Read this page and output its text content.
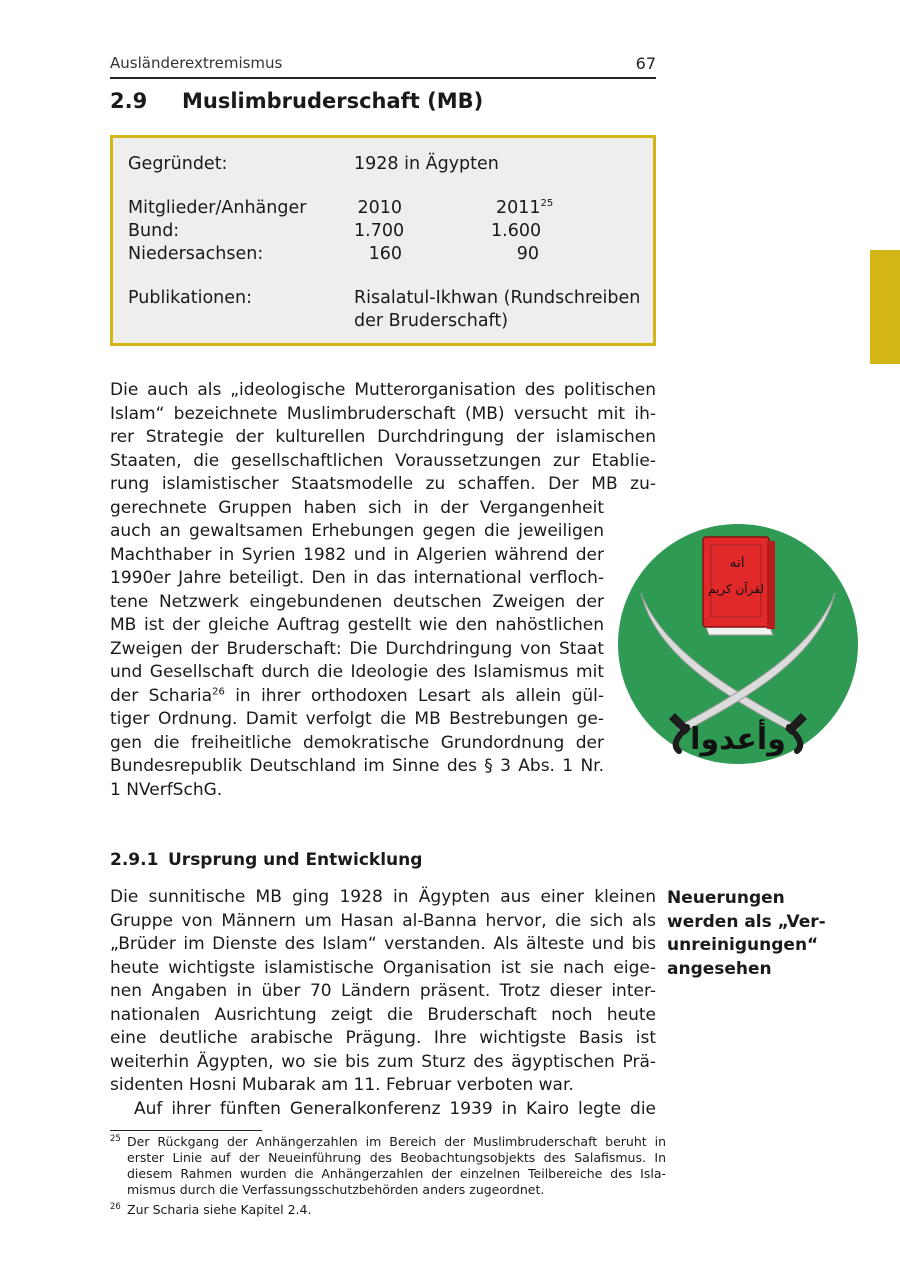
Ausländerextremismus	67
2.9 Muslimbruderschaft (MB)
Gegründet:	1928 in Ägypten
Mitglieder/Anhänger	2010	2011$^{25}$
Bund:	1.700	1.600
Niedersachsen:	160	90
Publikationen:	Risalatul-Ikhwan (Rundschreiben
der Bruderschaft)
Die auch als „ideologische Mutterorganisation des politischen
Islam“ bezeichnete Muslimbruderschaft (MB) versucht mit ih-
rer Strategie der kulturellen Durchdringung der islamischen
Staaten, die gesellschaftlichen Voraussetzungen zur Etablie-
rung islamistischer Staatsmodelle zu schaffen. Der MB zu-
gerechnete Gruppen haben sich in der Vergangenheit
auch an gewaltsamen Erhebungen gegen die jeweiligen
Machthaber in Syrien 1982 und in Algerien während der
1990er Jahre beteiligt. Den in das international verfloch-
tene Netzwerk eingebundenen deutschen Zweigen der
MB ist der gleiche Auftrag gestellt wie den nahöstlichen
Zweigen der Bruderschaft: Die Durchdringung von Staat
und Gesellschaft durch die Ideologie des Islamismus mit
der Scharia$^{26}$ in ihrer orthodoxen Lesart als allein gül-
tiger Ordnung. Damit verfolgt die MB Bestrebungen ge-
gen die freiheitliche demokratische Grundordnung der
Bundesrepublik Deutschland im Sinne des § 3 Abs. 1 Nr.
1 NVerfSchG.
انه
لقرآن كريم
وأعدوا
2.9.1 Ursprung und Entwicklung
Die sunnitische MB ging 1928 in Ägypten aus einer kleinen
Gruppe von Männern um Hasan al-Banna hervor, die sich als
„Brüder im Dienste des Islam“ verstanden. Als älteste und bis
heute wichtigste islamistische Organisation ist sie nach eige-
nen Angaben in über 70 Ländern präsent. Trotz dieser inter-
nationalen Ausrichtung zeigt die Bruderschaft noch heute
eine deutliche arabische Prägung. Ihre wichtigste Basis ist
weiterhin Ägypten, wo sie bis zum Sturz des ägyptischen Prä-
sidenten Hosni Mubarak am 11. Februar verboten war.
Auf ihrer fünften Generalkonferenz 1939 in Kairo legte die
Neuerungen
werden als „Ver-
unreinigungen“
angesehen
25 Der Rückgang der Anhängerzahlen im Bereich der Muslimbruderschaft beruht in
erster Linie auf der Neueinführung des Beobachtungsobjekts des Salafismus. In
diesem Rahmen wurden die Anhängerzahlen der einzelnen Teilbereiche des Isla-
mismus durch die Verfassungsschutzbehörden anders zugeordnet.
26 Zur Scharia siehe Kapitel 2.4.
